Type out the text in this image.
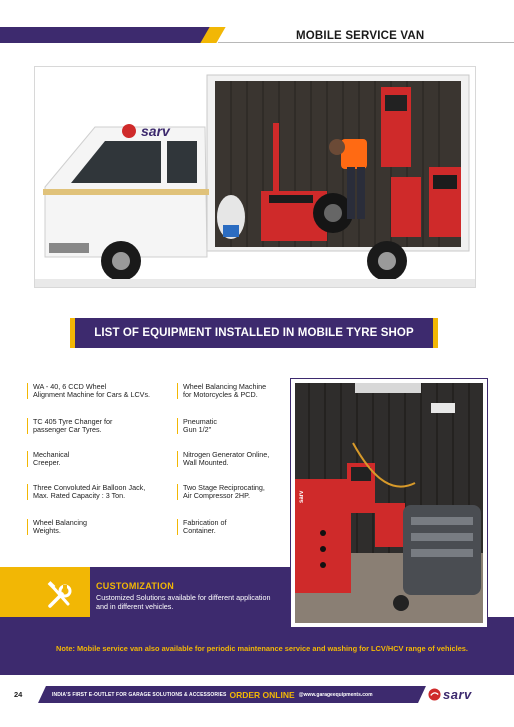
MOBILE SERVICE VAN
sarv
LIST OF EQUIPMENT INSTALLED IN MOBILE TYRE SHOP
WA - 40, 6 CCD Wheel
Alignment Machine for Cars & LCVs.
TC 405 Tyre Changer for
passenger Car Tyres.
Mechanical
Creeper.
Three Convoluted Air Balloon Jack,
Max. Rated Capacity : 3 Ton.
Wheel Balancing
Weights.
Wheel Balancing Machine
for Motorcycles & PCD.
Pneumatic
Gun 1/2"
Nitrogen Generator Online,
Wall Mounted.
Two Stage Reciprocating,
Air Compressor 2HP.
Fabrication of
Container.
CUSTOMIZATION
Customized Solutions available for different application and in different vehicles.
sarv
Note: Mobile service van also available for periodic maintenance service and washing for LCV/HCV range of vehicles.
24	INDIA'S FIRST E-OUTLET FOR GARAGE SOLUTIONS & ACCESSORIES ORDER ONLINE @www.garageequipments.com	sarv
